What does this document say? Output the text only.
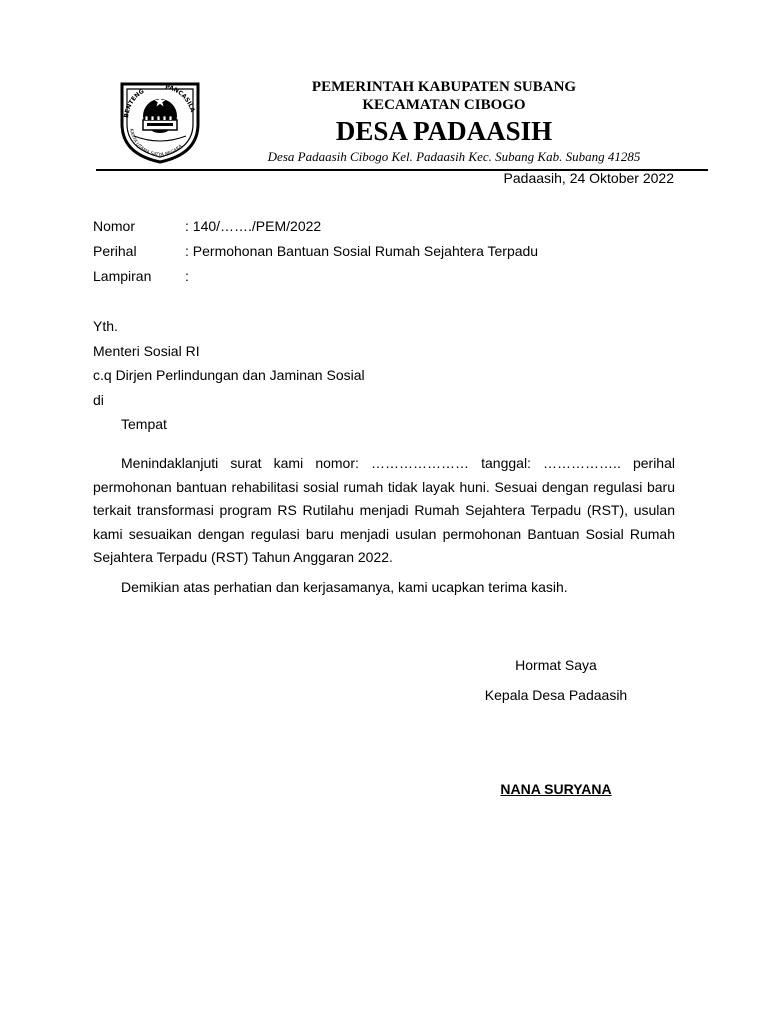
BENTENG
PANCASILA
KARYA UTAMA SATYA NEGARA
PEMERINTAH KABUPATEN SUBANG
KECAMATAN CIBOGO
DESA PADAASIH
Desa Padaasih Cibogo Kel. Padaasih Kec. Subang Kab. Subang 41285
Padaasih, 24 Oktober 2022
Nomor	: 140/……./PEM/2022
Perihal	: Permohonan Bantuan Sosial Rumah Sejahtera Terpadu
Lampiran	:
Yth.
Menteri Sosial RI
c.q Dirjen Perlindungan dan Jaminan Sosial
di
Tempat

Menindaklanjuti surat kami nomor: ………………… tanggal: …………….. perihal permohonan bantuan rehabilitasi sosial rumah tidak layak huni. Sesuai dengan regulasi baru terkait transformasi program RS Rutilahu menjadi Rumah Sejahtera Terpadu (RST), usulan kami sesuaikan dengan regulasi baru menjadi usulan permohonan Bantuan Sosial Rumah Sejahtera Terpadu (RST) Tahun Anggaran 2022.

Demikian atas perhatian dan kerjasamanya, kami ucapkan terima kasih.

Hormat Saya
Kepala Desa Padaasih
NANA SURYANA
